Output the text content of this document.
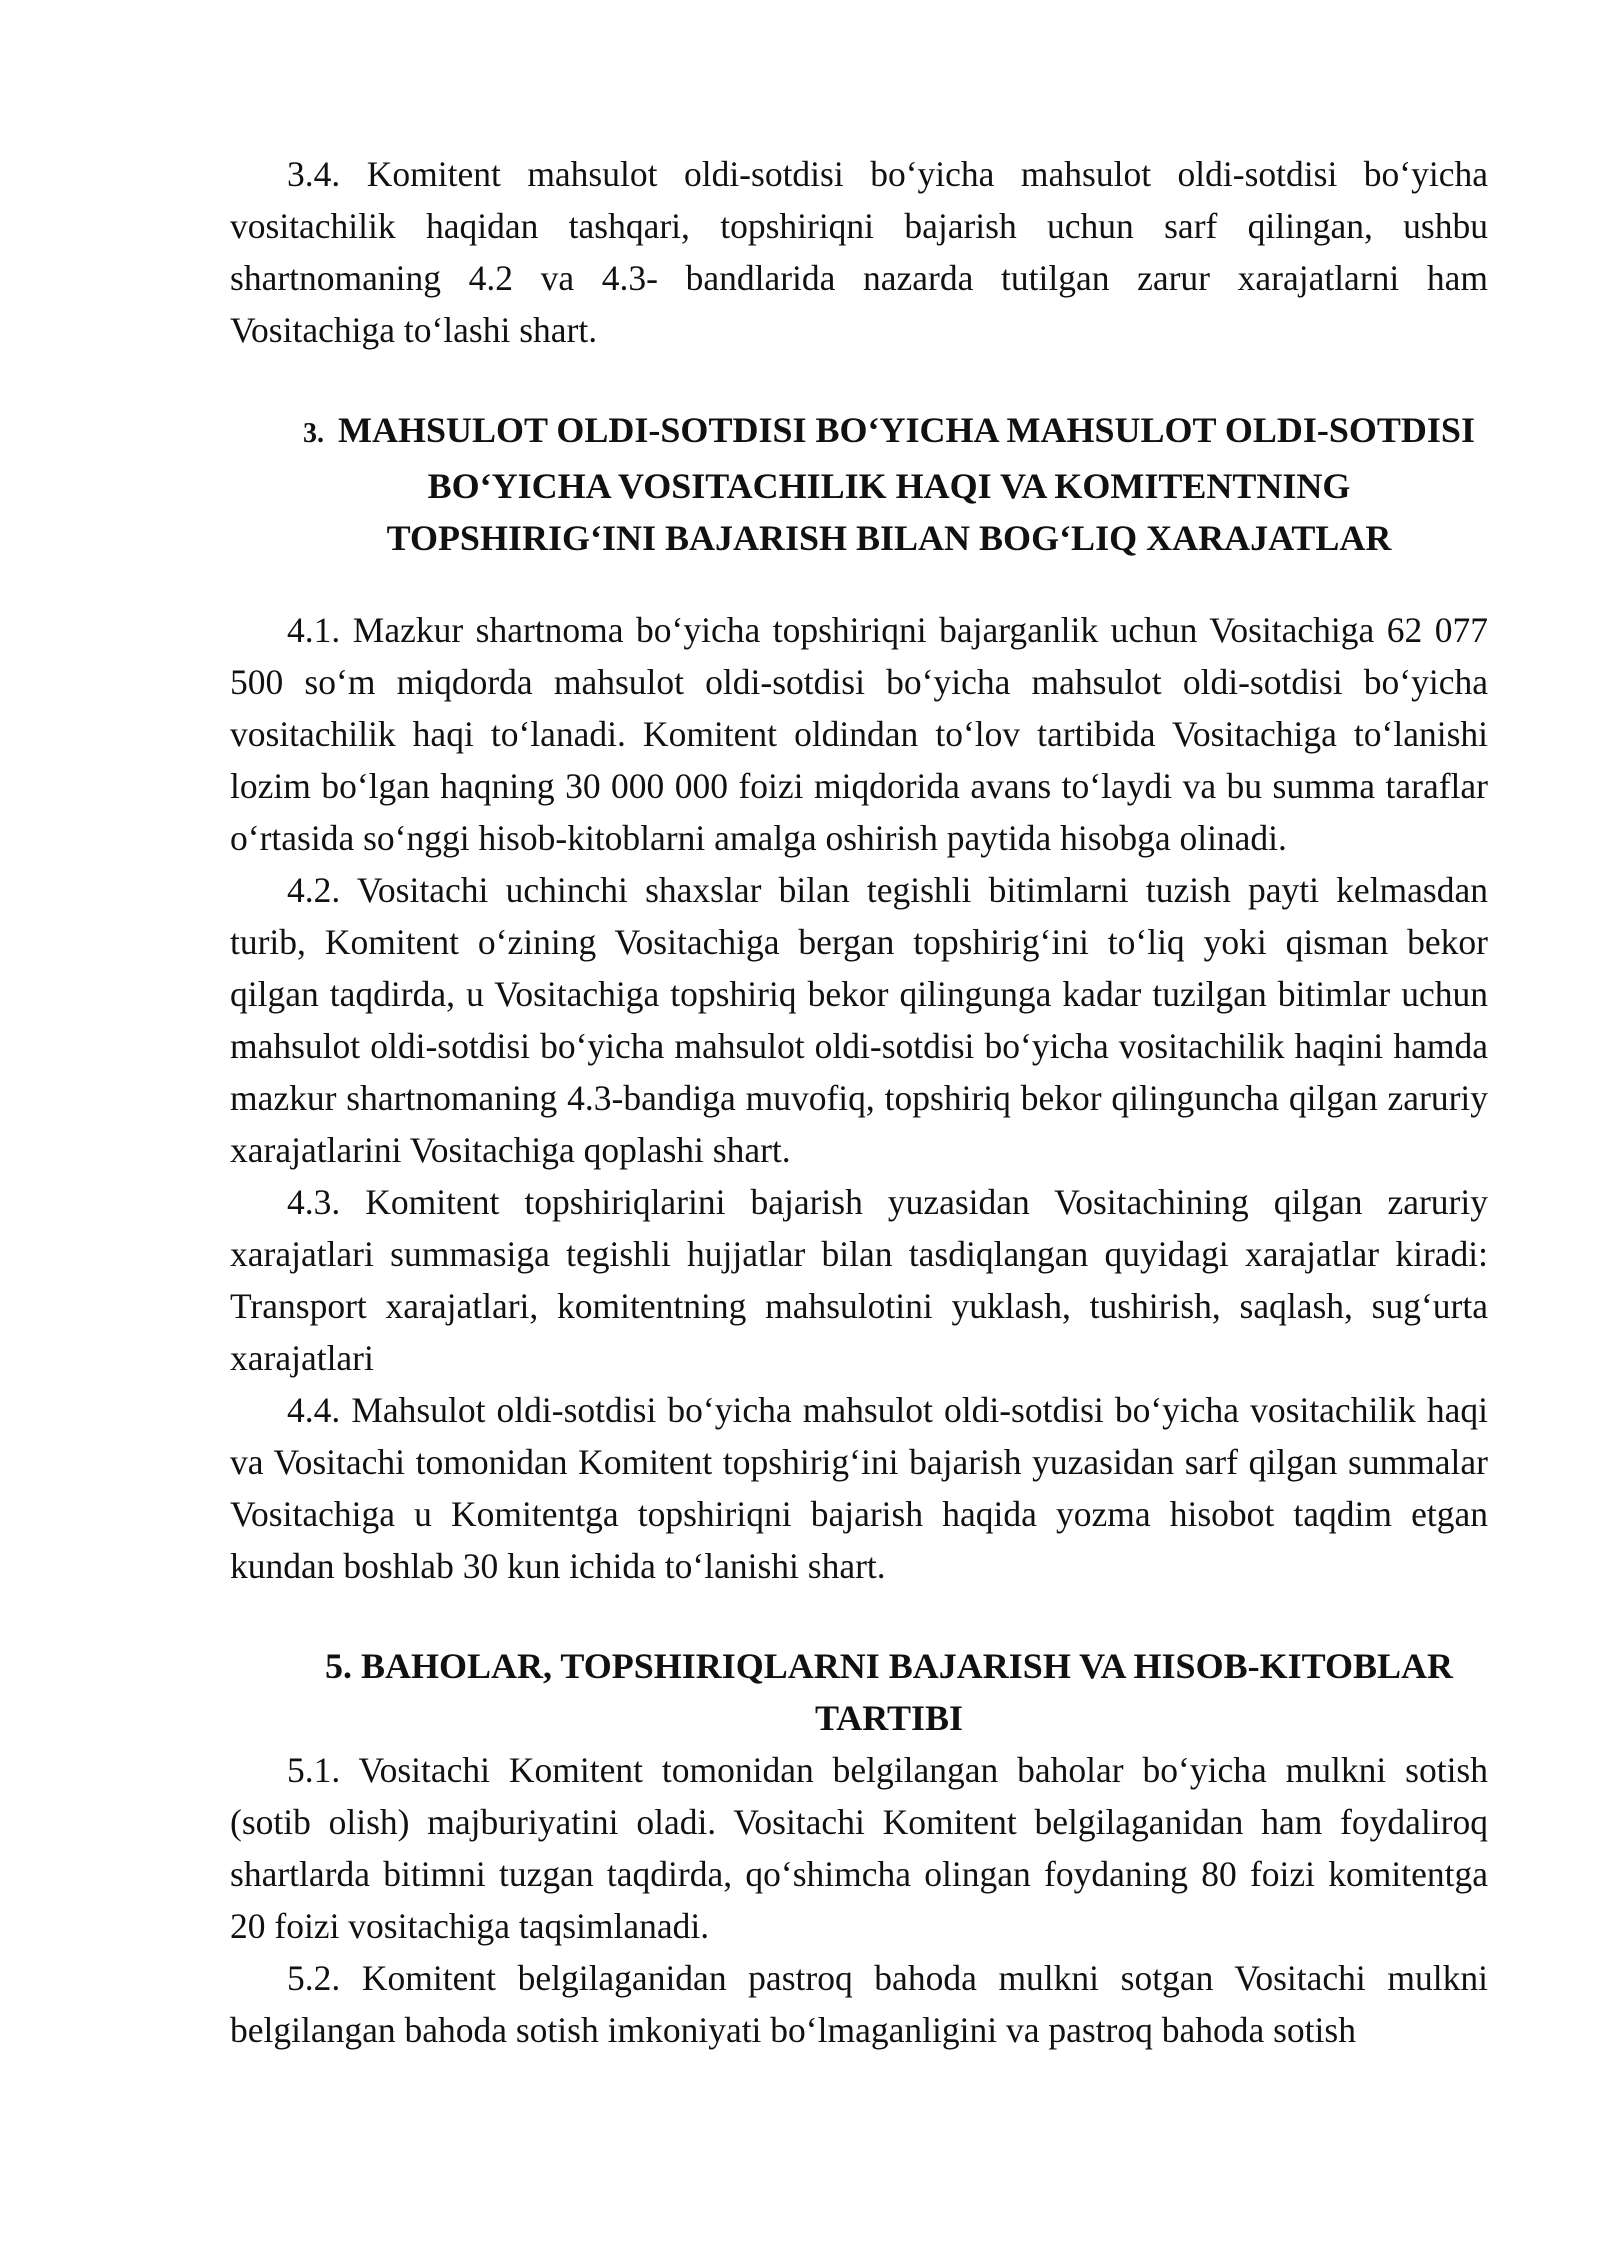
3.4. Komitent mahsulot oldi-sotdisi bo‘yicha mahsulot oldi-sotdisi bo‘yicha vositachilik haqidan tashqari, topshiriqni bajarish uchun sarf qilingan, ushbu shartnomaning 4.2 va 4.3- bandlarida nazarda tutilgan zarur xarajatlarni ham Vositachiga to‘lashi shart.

3. MAHSULOT OLDI-SOTDISI BO‘YICHA MAHSULOT OLDI-SOTDISI BO‘YICHA VOSITACHILIK HAQI VA KOMITENTNING TOPSHIRIG‘INI BAJARISH BILAN BOG‘LIQ XARAJATLAR

4.1. Mazkur shartnoma bo‘yicha topshiriqni bajarganlik uchun Vositachiga 62 077 500 so‘m miqdorda mahsulot oldi-sotdisi bo‘yicha mahsulot oldi-sotdisi bo‘yicha vositachilik haqi to‘lanadi. Komitent oldindan to‘lov tartibida Vositachiga to‘lanishi lozim bo‘lgan haqning 30 000 000 foizi miqdorida avans to‘laydi va bu summa taraflar o‘rtasida so‘nggi hisob-kitoblarni amalga oshirish paytida hisobga olinadi.

4.2. Vositachi uchinchi shaxslar bilan tegishli bitimlarni tuzish payti kelmasdan turib, Komitent o‘zining Vositachiga bergan topshirig‘ini to‘liq yoki qisman bekor qilgan taqdirda, u Vositachiga topshiriq bekor qilingunga kadar tuzilgan bitimlar uchun mahsulot oldi-sotdisi bo‘yicha mahsulot oldi-sotdisi bo‘yicha vositachilik haqini hamda mazkur shartnomaning 4.3-bandiga muvofiq, topshiriq bekor qilinguncha qilgan zaruriy xarajatlarini Vositachiga qoplashi shart.

4.3. Komitent topshiriqlarini bajarish yuzasidan Vositachining qilgan zaruriy xarajatlari summasiga tegishli hujjatlar bilan tasdiqlangan quyidagi xarajatlar kiradi: Transport xarajatlari, komitentning mahsulotini yuklash, tushirish, saqlash, sug‘urta xarajatlari

4.4. Mahsulot oldi-sotdisi bo‘yicha mahsulot oldi-sotdisi bo‘yicha vositachilik haqi va Vositachi tomonidan Komitent topshirig‘ini bajarish yuzasidan sarf qilgan summalar Vositachiga u Komitentga topshiriqni bajarish haqida yozma hisobot taqdim etgan kundan boshlab 30 kun ichida to‘lanishi shart.

5. BAHOLAR, TOPSHIRIQLARNI BAJARISH VA HISOB-KITOBLAR TARTIBI

5.1. Vositachi Komitent tomonidan belgilangan baholar bo‘yicha mulkni sotish (sotib olish) majburiyatini oladi. Vositachi Komitent belgilaganidan ham foydaliroq shartlarda bitimni tuzgan taqdirda, qo‘shimcha olingan foydaning 80 foizi komitentga 20 foizi vositachiga taqsimlanadi.

5.2. Komitent belgilaganidan pastroq bahoda mulkni sotgan Vositachi mulkni belgilangan bahoda sotish imkoniyati bo‘lmaganligini va pastroq bahoda sotish
